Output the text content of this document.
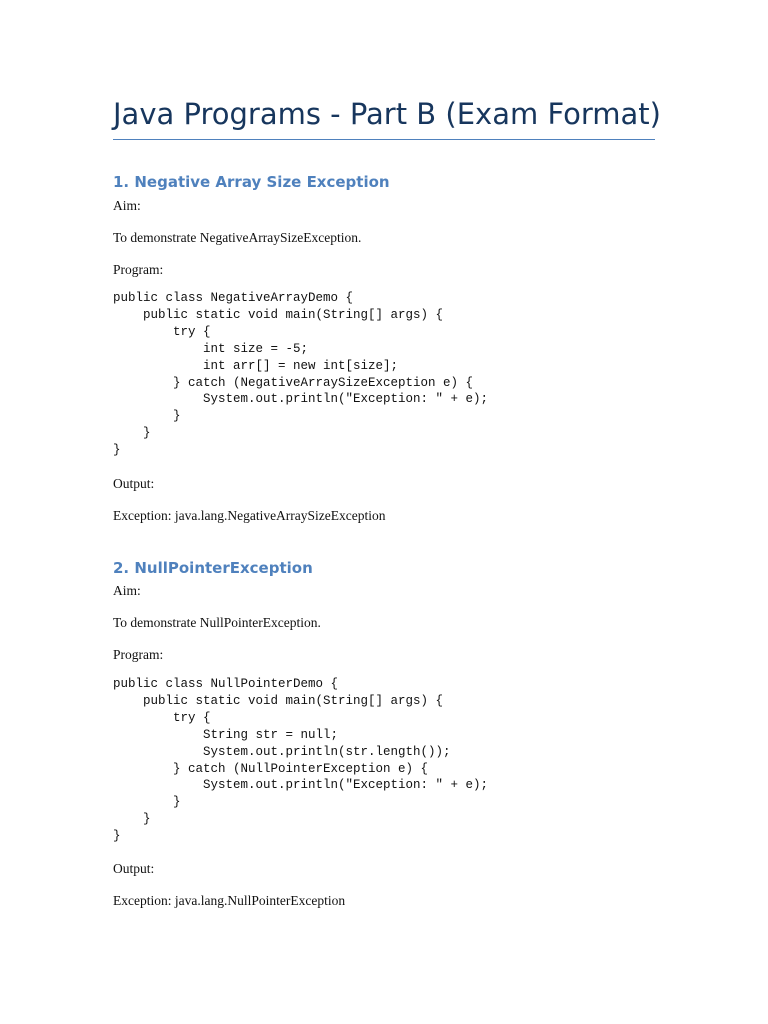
Java Programs - Part B (Exam Format)
1. Negative Array Size Exception
Aim:
To demonstrate NegativeArraySizeException.
Program:
public class NegativeArrayDemo {
public static void main(String[] args) {
try {
int size = -5;
int arr[] = new int[size];
} catch (NegativeArraySizeException e) {
System.out.println("Exception: " + e);
}
}
}
Output:
Exception: java.lang.NegativeArraySizeException
2. NullPointerException
Aim:
To demonstrate NullPointerException.
Program:
public class NullPointerDemo {
public static void main(String[] args) {
try {
String str = null;
System.out.println(str.length());
} catch (NullPointerException e) {
System.out.println("Exception: " + e);
}
}
}
Output:
Exception: java.lang.NullPointerException
